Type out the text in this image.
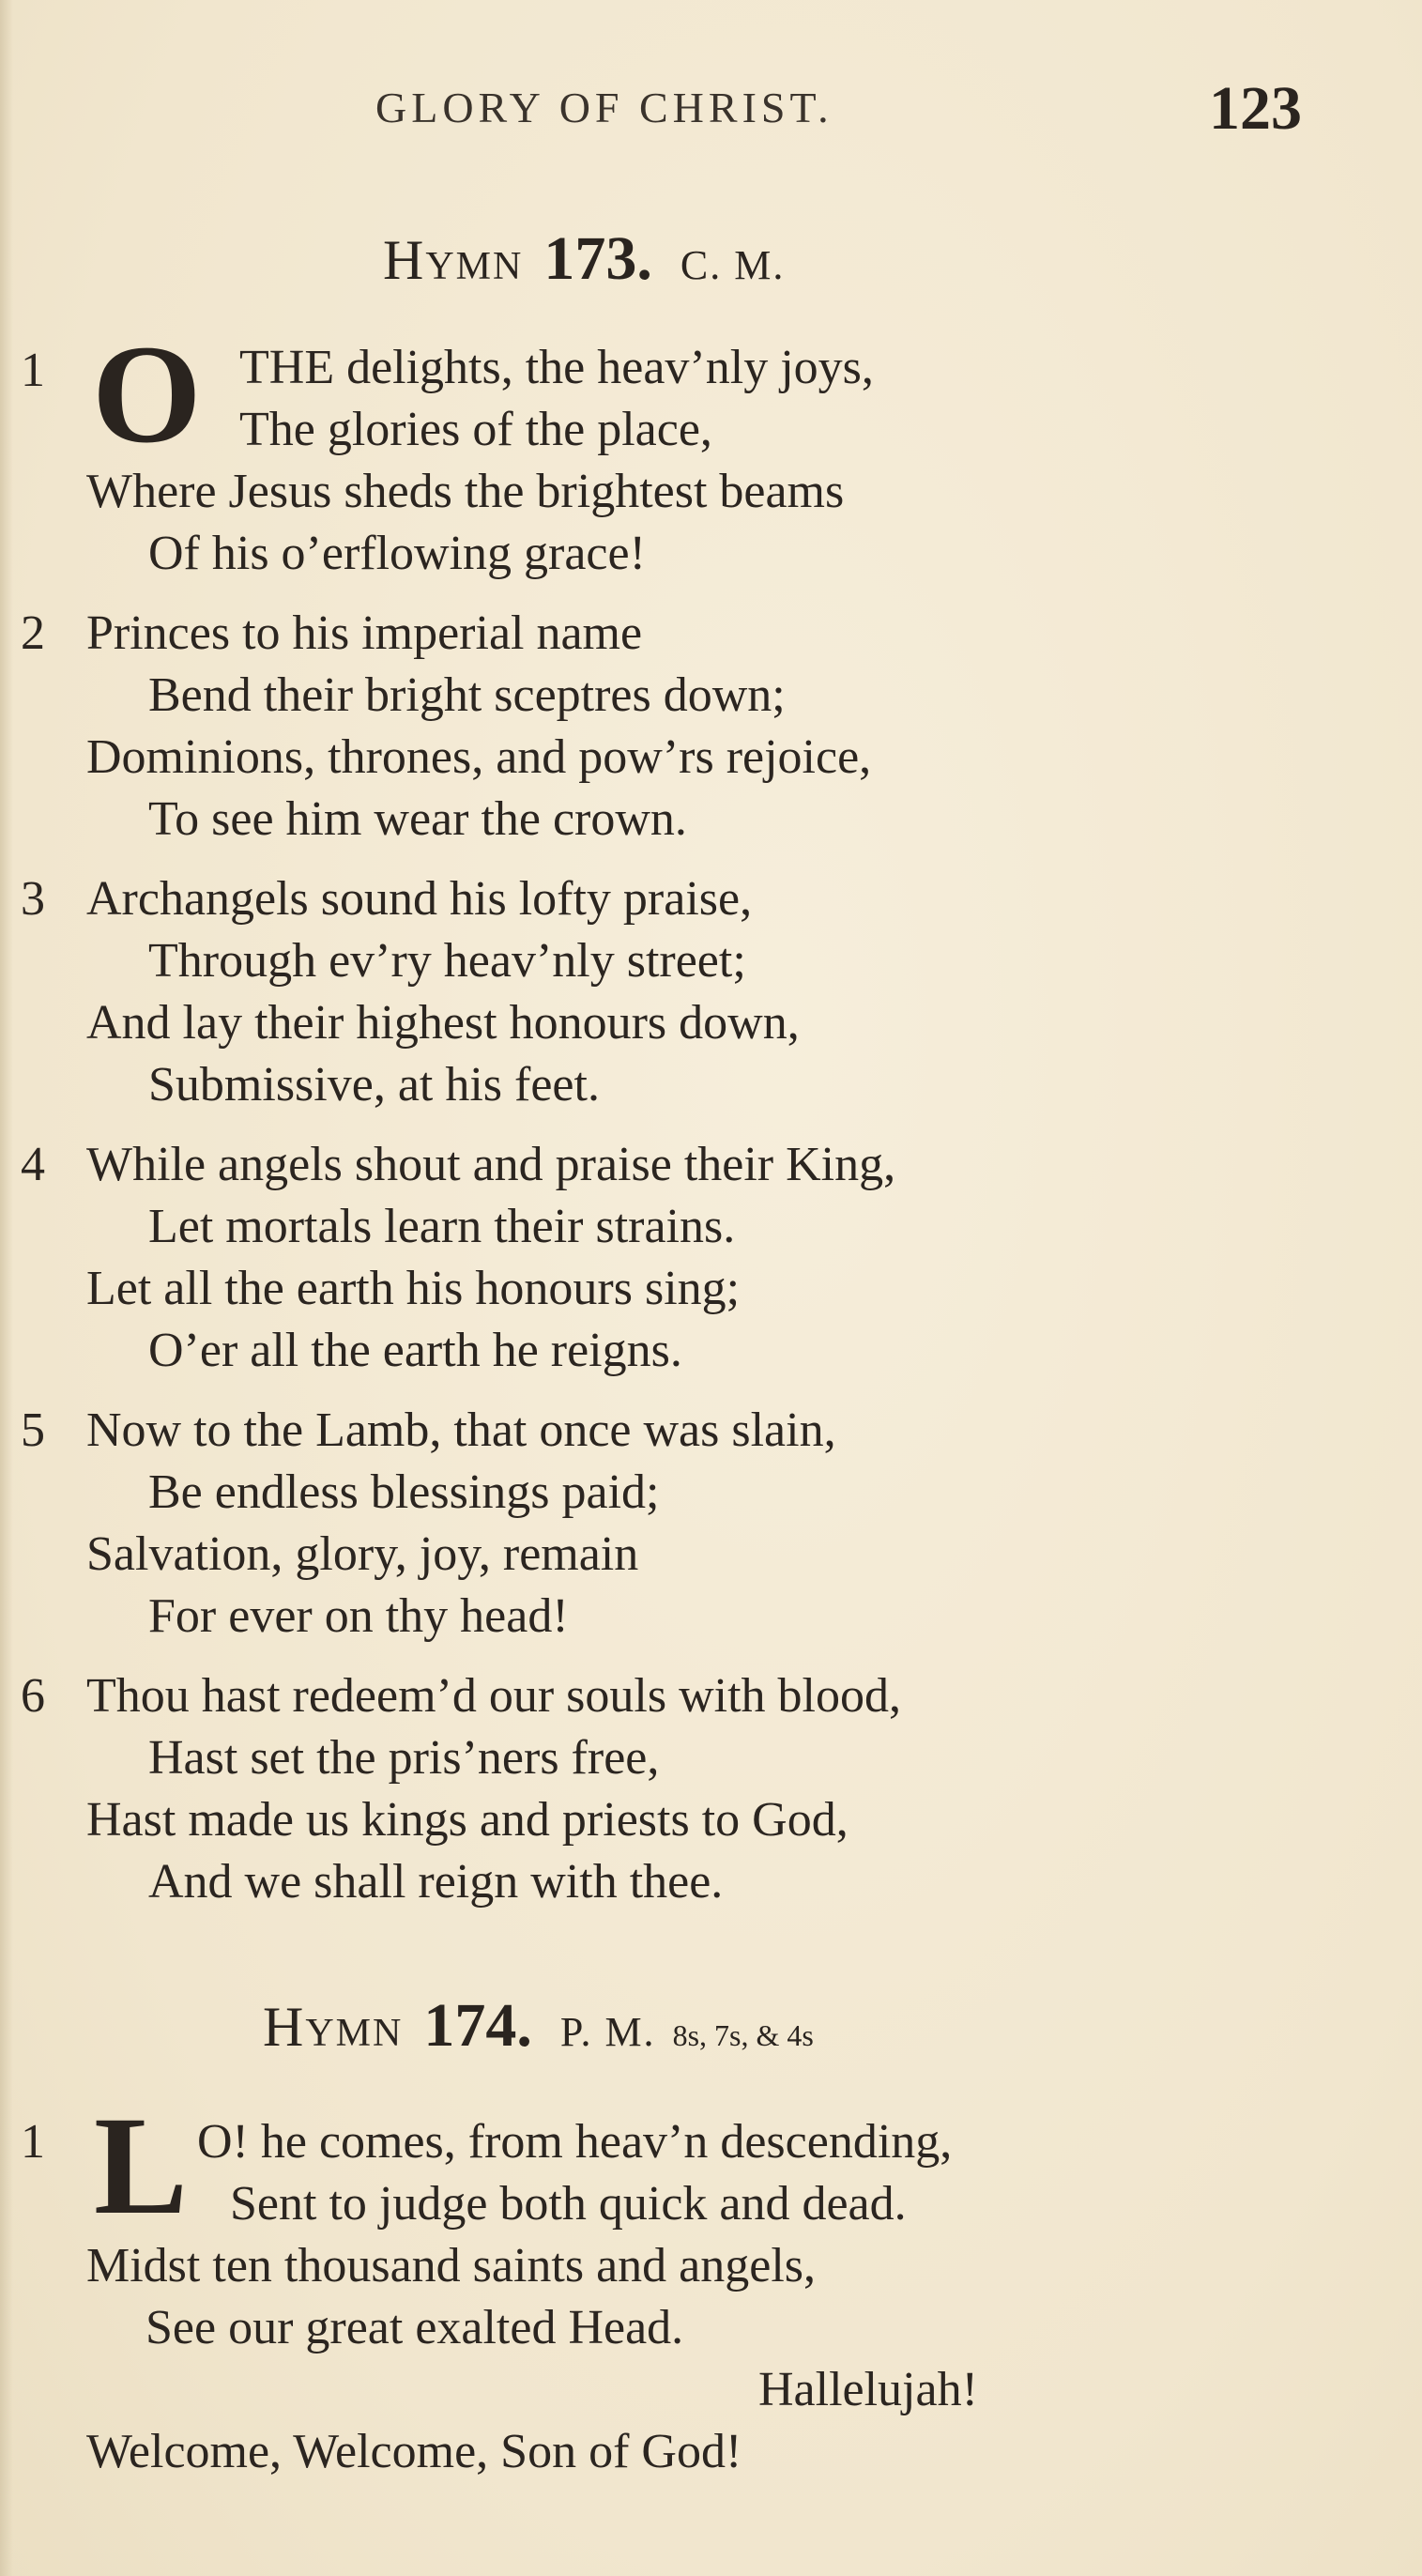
GLORY OF CHRIST.	123
Hymn 173. C. M.
1 O THE delights, the heav’nly joys,
The glories of the place,
Where Jesus sheds the brightest beams
Of his o’erflowing grace!
2 Princes to his imperial name
Bend their bright sceptres down;
Dominions, thrones, and pow’rs rejoice,
To see him wear the crown.
3 Archangels sound his lofty praise,
Through ev’ry heav’nly street;
And lay their highest honours down,
Submissive, at his feet.
4 While angels shout and praise their King,
Let mortals learn their strains.
Let all the earth his honours sing;
O’er all the earth he reigns.
5 Now to the Lamb, that once was slain,
Be endless blessings paid;
Salvation, glory, joy, remain
For ever on thy head!
6 Thou hast redeem’d our souls with blood,
Hast set the pris’ners free,
Hast made us kings and priests to God,
And we shall reign with thee.
Hymn 174. P. M. 8s, 7s, & 4s
1 L O! he comes, from heav’n descending,
Sent to judge both quick and dead.
Midst ten thousand saints and angels,
See our great exalted Head.
Hallelujah!
Welcome, Welcome, Son of God!
